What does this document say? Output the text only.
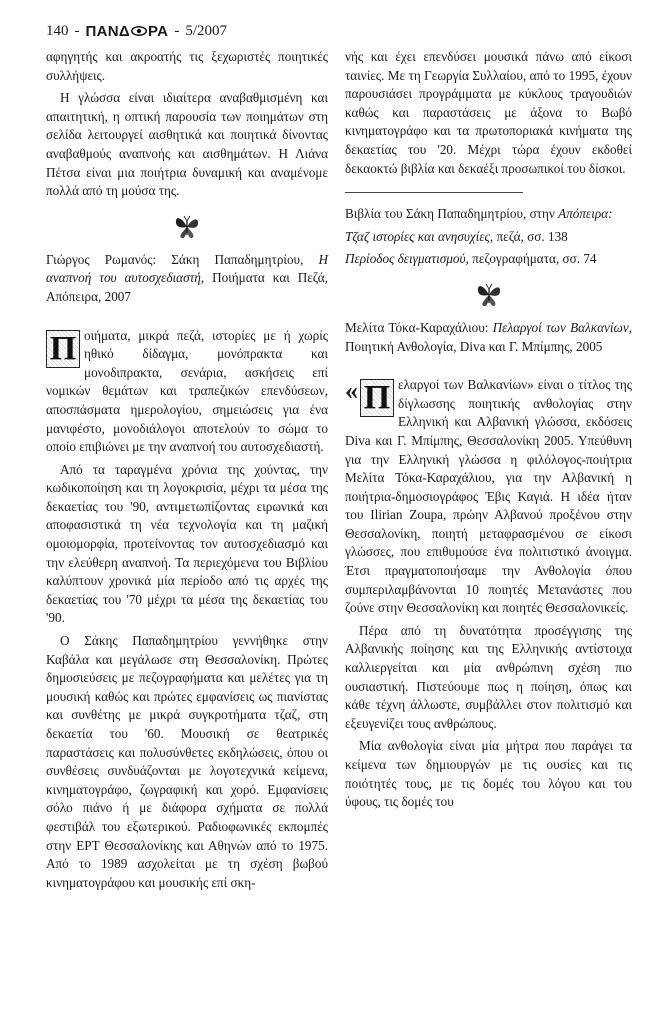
140 - ΠΑΝΔ ΡΑ - 5/2007

αφηγητής και ακροατής τις ξεχωριστές ποιητικές συλλήψεις.

Η γλώσσα είναι ιδιαίτερα αναβαθμισμένη και απαιτητική, η οπτική παρουσία των ποιημάτων στη σελίδα λειτουργεί αισθητικά και ποιητικά δίνοντας αναβαθμούς αναπνοής και αισθημάτων. Η Λιάνα Πέτσα είναι μια ποιήτρια δυναμική και αναμένομε πολλά από τη μούσα της.

Γιώργος Ρωμανός: Σάκη Παπαδημητρίου, Η αναπνοή του αυτοσχεδιαστή, Ποιήματα και Πεζά, Απόπειρα, 2007

Π οιήματα, μικρά πεζά, ιστορίες με ή χωρίς ηθικό δίδαγμα, μονόπρακτα και μονοδιπρακτα, σενάρια, ασκήσεις επί νομικών θεμάτων και τραπεζικών επενδύσεων, αποσπάσματα ημερολογίου, σημειώσεις για ένα μανιφέστο, μονοδιάλογοι αποτελούν το σώμα το οποίο επιβιώνει με την αναπνοή του αυτοσχεδιαστή.

Από τα ταραγμένα χρόνια της χούντας, την κωδικοποίηση και τη λογοκρισία, μέχρι τα μέσα της δεκαετίας του '90, αντιμετωπίζοντας ειρωνικά και αποφασιστικά τη νέα τεχνολογία και τη μαζική ομοιομορφία, προτείνοντας τον αυτοσχεδιασμό και την ελεύθερη αναπνοή. Τα περιεχόμενα του Βιβλίου καλύπτουν χρονικά μία περίοδο από τις αρχές της δεκαετίας του '70 μέχρι τα μέσα της δεκαετίας του '90.

Ο Σάκης Παπαδημητρίου γεννήθηκε στην Καβάλα και μεγάλωσε στη Θεσσαλονίκη. Πρώτες δημοσιεύσεις με πεζογραφήματα και μελέτες για τη μουσική καθώς και πρώτες εμφανίσεις ως πιανίστας και συνθέτης με μικρά συγκροτήματα τζαζ, στη δεκαετία του '60. Μουσική σε θεατρικές παραστάσεις και πολυσύνθετες εκδηλώσεις, όπου οι συνθέσεις συνδυάζονται με λογοτεχνικά κείμενα, κινηματογράφο, ζωγραφική και χορό. Εμφανίσεις σόλο πιάνο ή με διάφορα σχήματα σε πολλά φεστιβάλ του εξωτερικού. Ραδιοφωνικές εκπομπές στην ΕΡΤ Θεσσαλονίκης και Αθηνών από το 1975. Από το 1989 ασχολείται με τη σχέση βωβού κινηματογράφου και μουσικής επί σκη-

νής και έχει επενδύσει μουσικά πάνω από είκοσι ταινίες. Με τη Γεωργία Συλλαίου, από το 1995, έχουν παρουσιάσει προγράμματα με κύκλους τραγουδιών καθώς και παραστάσεις με άξονα το Βωβό κινηματογράφο και τα πρωτοποριακά κινήματα της δεκαετίας του '20. Μέχρι τώρα έχουν εκδοθεί δεκαοκτώ βιβλία και δεκαέξι προσωπικοί του δίσκοι.

Βιβλία του Σάκη Παπαδημητρίου, στην Απόπειρα:

Τζαζ ιστορίες και ανησυχίες, πεζά, σσ. 138

Περίοδος δειγματισμού, πεζογραφήματα, σσ. 74

Μελίτα Τόκα-Καραχάλιου: Πελαργοί των Βαλκανίων, Ποιητική Ανθολογία, Diva και Γ. Μπίμπης, 2005

« Π ελαργοί των Βαλκανίων» είναι ο τίτλος της δίγλωσσης ποιητικής ανθολογίας στην Ελληνική και Αλβανική γλώσσα, εκδόσεις Diva και Γ. Μπίμπης, Θεσσαλονίκη 2005. Υπεύθυνη για την Ελληνική γλώσσα η φιλόλογος-ποιήτρια Μελίτα Τόκα-Καραχάλιου, για την Αλβανική η ποιήτρια-δημοσιογράφος Έβις Καγιά. Η ιδέα ήταν του Ilirian Zoupa, πρώην Αλβανού προξένου στην Θεσσαλονίκη, ποιητή μεταφρασμένου σε είκοσι γλώσσες, που επιθυμούσε ένα πολιτιστικό άνοιγμα. Έτσι πραγματοποιήσαμε την Ανθολογία όπου συμπεριλαμβάνονται 10 ποιητές Μετανάστες που ζούνε στην Θεσσαλονίκη και ποιητές Θεσσαλονικείς.

Πέρα από τη δυνατότητα προσέγγισης της Αλβανικής ποίησης και της Ελληνικής αντίστοιχα καλλιεργείται και μία ανθρώπινη σχέση πιο ουσιαστική. Πιστεύουμε πως η ποίηση, όπως και κάθε τέχνη άλλωστε, συμβάλλει στον πολιτισμό και εξευγενίζει τους ανθρώπους.

Μία ανθολογία είναι μία μήτρα που παράγει τα κείμενα των δημιουργών με τις ουσίες και τις ποιότητές τους, με τις δομές του λόγου και του ύφους, τις δομές του
